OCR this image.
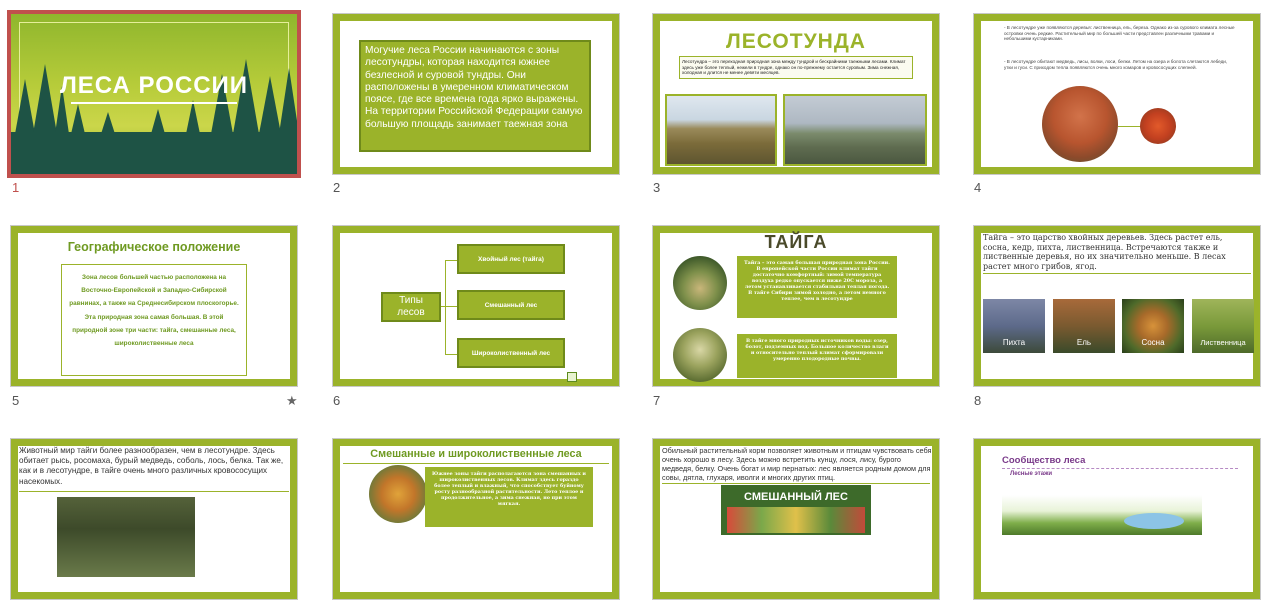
ЛЕСА РОССИИ
1
Могучие леса России начинаются с зоны лесотундры, которая находится южнее безлесной и суровой тундры. Они расположены в умеренном климатическом поясе, где все времена года ярко выражены. На территории Российской Федерации самую большую площадь занимает таежная зона
2
ЛЕСОТУНДА
Лесотундра – это переходная природная зона между тундрой и бескрайними таежными лесами. Климат здесь уже более теплый, нежели в тундре, однако он по-прежнему остается суровым. Зима снежная, холодная и длится не менее девяти месяцев.
3
- В лесотундре уже появляются деревья: лиственница, ель, береза. Однако из-за сурового климата лесные островки очень редкие. Растительный мир по большей части представлен различными травами и небольшими кустарниками.
- В лесотундре обитают медведь, лисы, волки, лоси, белки. Летом на озера и болота слетаются лебеди, утки и гуси. С приходом тепла появляются очень много комаров и кровососущих слепней.
4
Географическое положение
Зона лесов большей частью расположена на Восточно-Европейской и Западно-Сибирской равнинах, а также на Среднесибирском плоскогорье. Эта природная зона самая большая. В этой природной зоне три части: тайга, смешанные леса, широколиственные леса
5	★
Типы лесов
Хвойный лес (тайга)
Смешанный лес
Широколиственный лес
6
ТАЙГА
Тайга – это самая большая природная зона России. В европейской части России климат тайги достаточно комфортный: зимой температура воздуха редко опускается ниже 20С мороза, а летом устанавливается стабильная теплая погода. В тайге Сибири зимой холодно, а летом немного теплее, чем в лесотундре
В тайге много природных источников воды: озер, болот, подземных вод. Большое количество влаги и относительно теплый климат сформировали умеренно плодородные почвы.
7
Тайга – это царство хвойных деревьев. Здесь растет ель, сосна, кедр, пихта, лиственница. Встречаются также и лиственные деревья, но их значительно меньше. В лесах растет много грибов, ягод.
Пихта	Ель	Сосна	Лиственница
8
Животный мир тайги более разнообразен, чем в лесотундре. Здесь обитает рысь, росомаха, бурый медведь, соболь, лось, белка. Так же, как и в лесотундре, в тайге очень много различных кровососущих насекомых.
Смешанные и широколиственные леса
Южнее зоны тайги располагаются зона смешанных и широколиственных лесов. Климат здесь гораздо более теплый и влажный, что способствует буйному росту разнообразной растительности. Лето теплое и продолжительное, а зима снежная, но при этом мягкая.
Обильный растительный корм позволяет животным и птицам чувствовать себя очень хорошо в лесу. Здесь можно встретить кунцу, лося, лису, бурого медведя, белку. Очень богат и мир пернатых: лес является родным домом для совы, дятла, глухаря, иволги и многих других птиц.
СМЕШАННЫЙ ЛЕС
Сообщество леса
Лесные этажи
